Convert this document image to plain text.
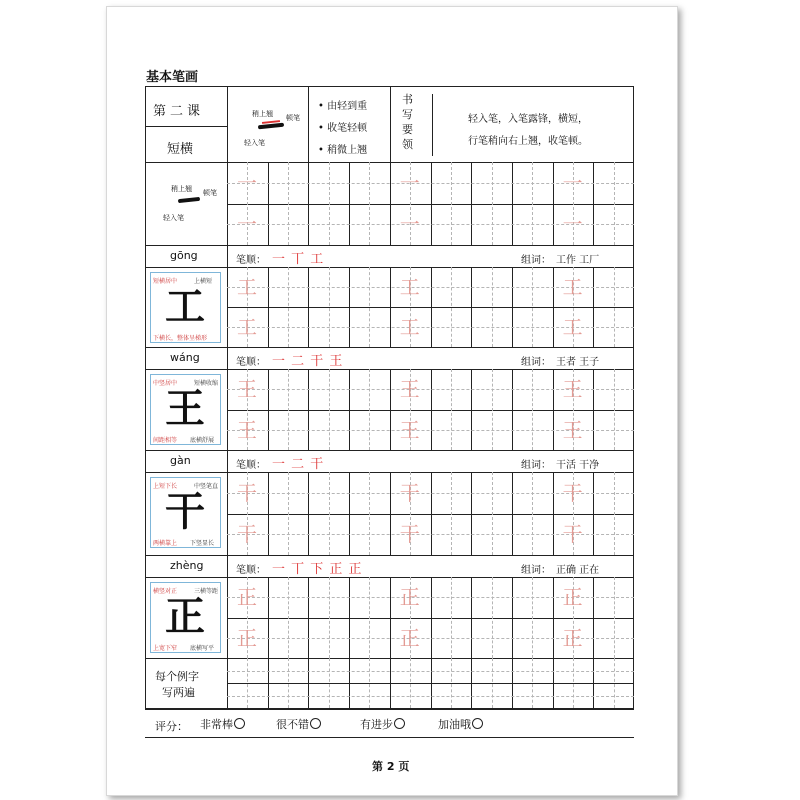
基本笔画
第 2 页
第二课
短横
稍上翘 顿笔
轻入笔
• 由轻到重
• 收笔轻顿
• 稍微上翘
书
写
要
领
轻入笔，入笔露锋，横短，
行笔稍向右上翘，收笔顿。
一	一	一
一	一	一
稍上翘 顿笔
轻入笔
gōng	笔顺： 一 丅 工	组词： 工作 工厂
工
短横居中	上横短
下横长，整体呈梯形
工	工	工
工	工	工
wáng	笔顺： 一 二 干 王	组词： 王者 王子
王
中竖居中	短横收缩
间距相等 底横舒展
王	王	王
王	王	王
gàn	笔顺： 一 二 干	组词： 干活 干净
干
上短下长	中竖笔直
两横靠上 下竖显长
干	干	干
干	干	干
zhèng	笔顺： 一 丅 下 正 正	组词： 正确 正在
正
横竖对正	三横等距
上宽下窄 底横写平
正	正	正
正	正	正
每个例字
写两遍
评分： 非常棒	很不错	有进步	加油哦
